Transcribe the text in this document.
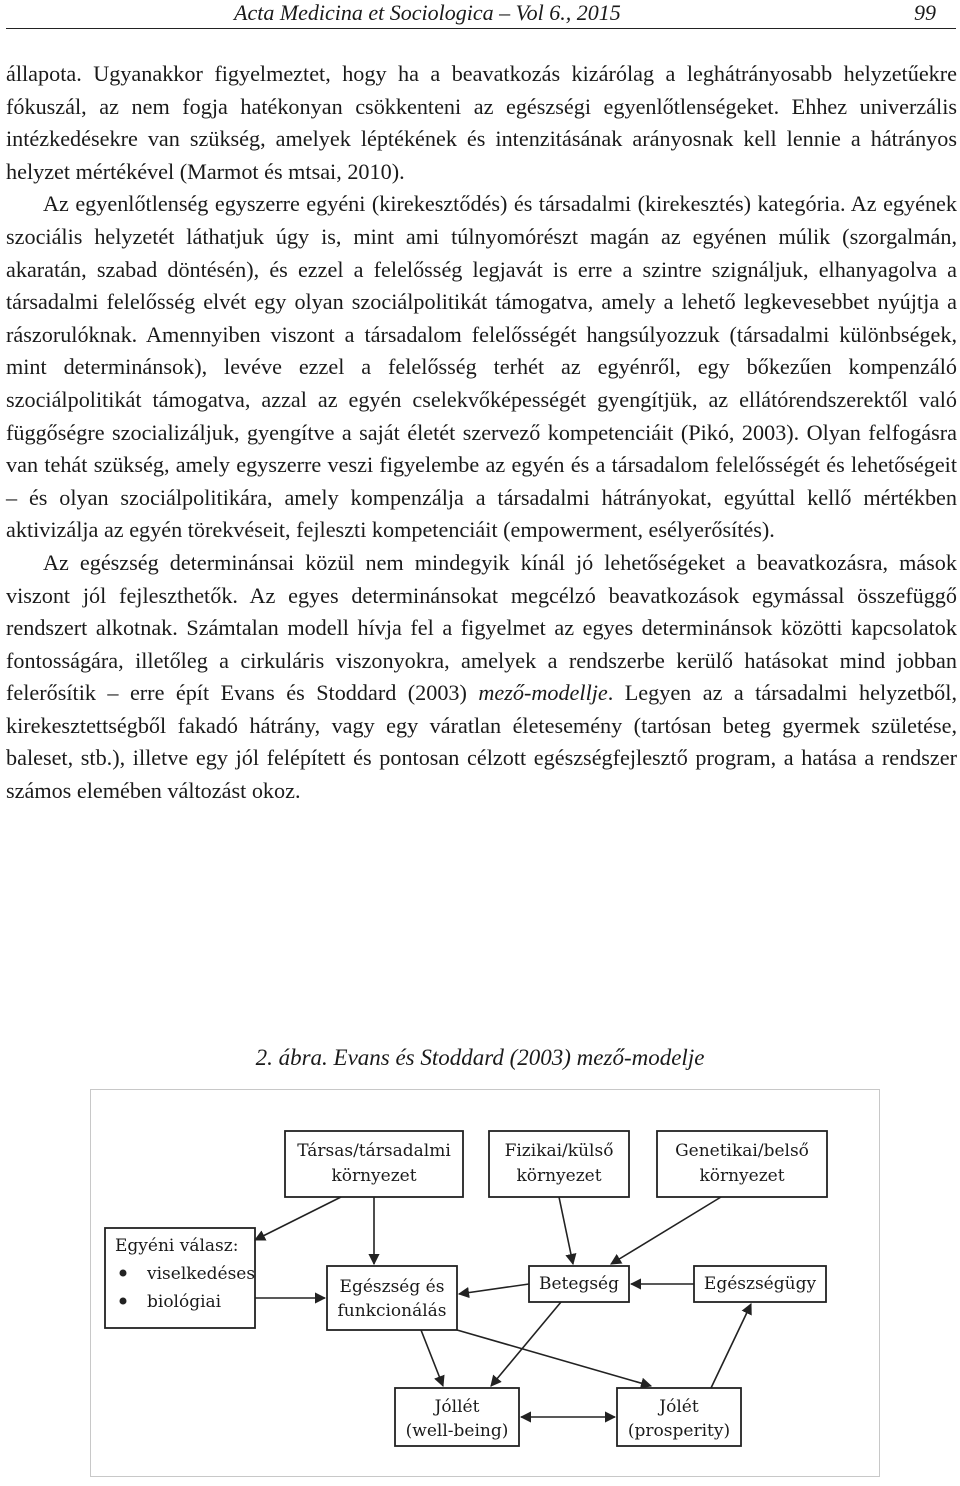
Acta Medicina et Sociologica – Vol 6., 2015	99

állapota. Ugyanakkor figyelmeztet, hogy ha a beavatkozás kizárólag a leghátrányosabb helyzetűekre fókuszál, az nem fogja hatékonyan csökkenteni az egészségi egyenlőtlenségeket. Ehhez univerzális intézkedésekre van szükség, amelyek léptékének és intenzitásának arányosnak kell lennie a hátrányos helyzet mértékével (Marmot és mtsai, 2010).

Az egyenlőtlenség egyszerre egyéni (kirekesztődés) és társadalmi (kirekesztés) kategória. Az egyének szociális helyzetét láthatjuk úgy is, mint ami túlnyomórészt magán az egyénen múlik (szorgalmán, akaratán, szabad döntésén), és ezzel a felelősség legjavát is erre a szintre szignáljuk, elhanyagolva a társadalmi felelősség elvét egy olyan szociálpolitikát támogatva, amely a lehető legkevesebbet nyújtja a rászorulóknak. Amennyiben viszont a társadalom felelősségét hangsúlyozzuk (társadalmi különbségek, mint determinánsok), levéve ezzel a felelősség terhét az egyénről, egy bőkezűen kompenzáló szociálpolitikát támogatva, azzal az egyén cselekvőképességét gyengítjük, az ellátórendszerektől való függőségre szocializáljuk, gyengítve a saját életét szervező kompetenciáit (Pikó, 2003). Olyan felfogásra van tehát szükség, amely egyszerre veszi figyelembe az egyén és a társadalom felelősségét és lehetőségeit – és olyan szociálpolitikára, amely kompenzálja a társadalmi hátrányokat, egyúttal kellő mértékben aktivizálja az egyén törekvéseit, fejleszti kompetenciáit (empowerment, esélyerősítés).

Az egészség determinánsai közül nem mindegyik kínál jó lehetőségeket a beavatkozásra, mások viszont jól fejleszthetők. Az egyes determinánsokat megcélzó beavatkozások egymással összefüggő rendszert alkotnak. Számtalan modell hívja fel a figyelmet az egyes determinánsok közötti kapcsolatok fontosságára, illetőleg a cirkuláris viszonyokra, amelyek a rendszerbe kerülő hatásokat mind jobban felerősítik – erre épít Evans és Stoddard (2003) mező-modellje. Legyen az a társadalmi helyzetből, kirekesztettségből fakadó hátrány, vagy egy váratlan életesemény (tartósan beteg gyermek születése, baleset, stb.), illetve egy jól felépített és pontosan célzott egészségfejlesztő program, a hatása a rendszer számos elemében változást okoz.

2. ábra. Evans és Stoddard (2003) mező-modelje
Társas/társadalmi
környezet
Fizikai/külső
környezet
Genetikai/belső
környezet
Egyéni válasz:
viselkedéses
biológiai
Egészség és
funkcionálás
Betegség	Egészségügy
Jóllét
(well-being)
Jólét
(prosperity)
